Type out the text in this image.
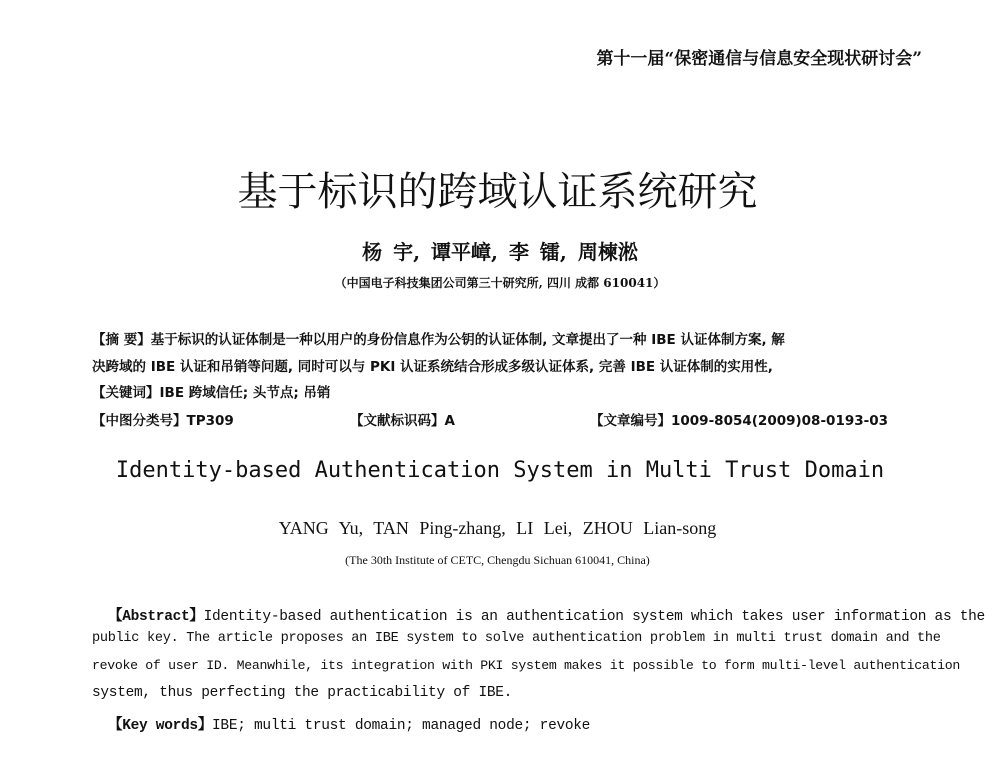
第十一届“保密通信与信息安全现状研讨会”
基于标识的跨域认证系统研究
杨 宇, 谭平嶂, 李 镭, 周楝淞
（中国电子科技集团公司第三十研究所, 四川 成都 610041）
【摘 要】基于标识的认证体制是一种以用户的身份信息作为公钥的认证体制, 文章提出了一种 IBE 认证体制方案, 解
决跨域的 IBE 认证和吊销等问题, 同时可以与 PKI 认证系统结合形成多级认证体系, 完善 IBE 认证体制的实用性,
【关键词】IBE 跨域信任; 头节点; 吊销
【中图分类号】TP309	【文献标识码】A	【文章编号】1009-8054(2009)08-0193-03
Identity-based Authentication System in Multi Trust Domain
YANG Yu, TAN Ping-zhang, LI Lei, ZHOU Lian-song
(The 30th Institute of CETC, Chengdu Sichuan 610041, China)
【Abstract】Identity-based authentication is an authentication system which takes user information as the
public key. The article proposes an IBE system to solve authentication problem in multi trust domain and the
revoke of user ID. Meanwhile, its integration with PKI system makes it possible to form multi-level authentication
system, thus perfecting the practicability of IBE.
【Key words】IBE; multi trust domain; managed node; revoke
